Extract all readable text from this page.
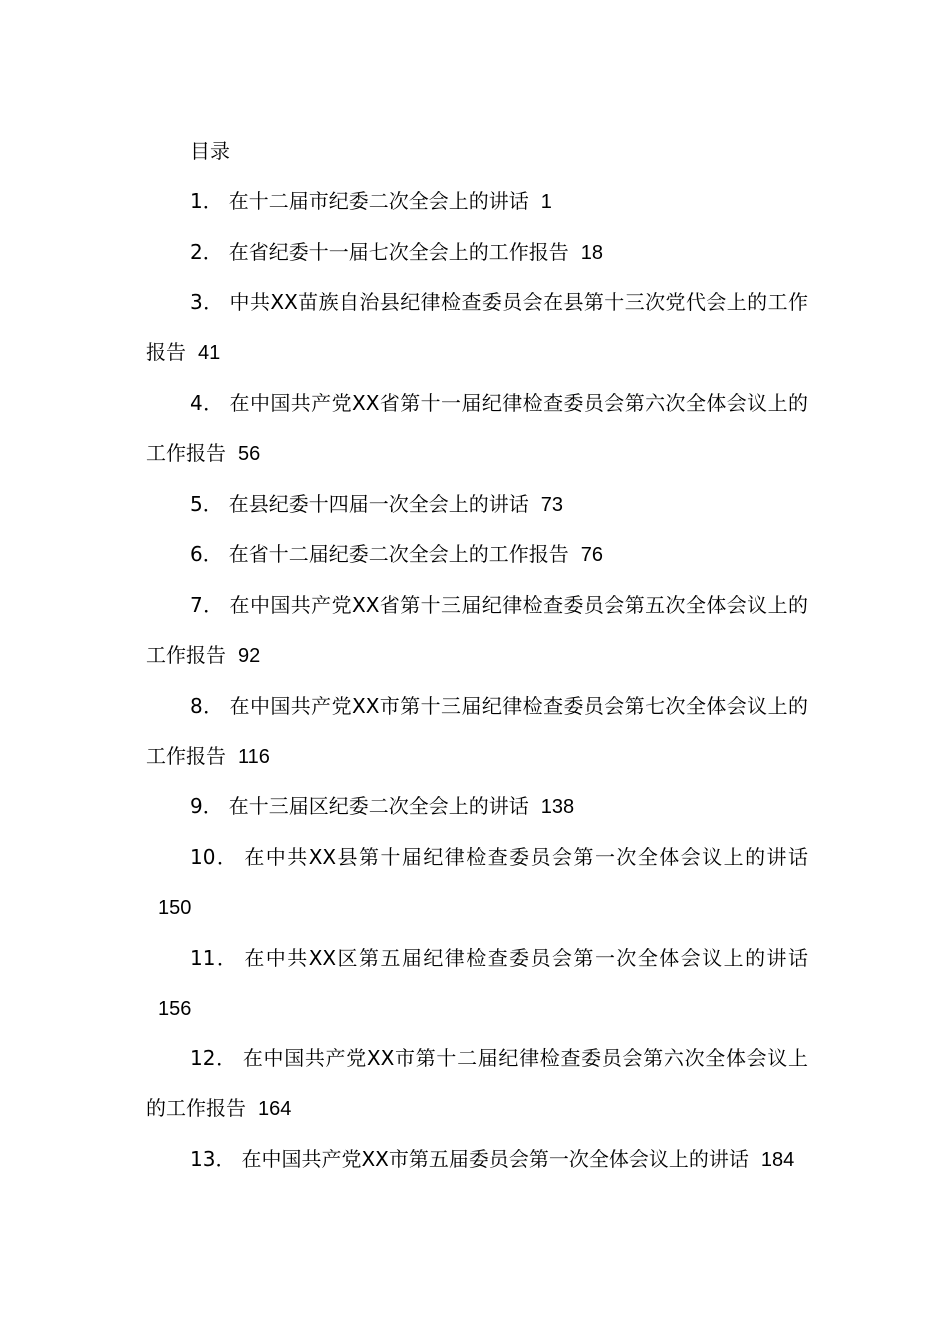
目录

1． 在十二届市纪委二次全会上的讲话 1

2． 在省纪委十一届七次全会上的工作报告 18

3． 中共XX苗族自治县纪律检查委员会在县第十三次党代会上的工作报告 41

4． 在中国共产党XX省第十一届纪律检查委员会第六次全体会议上的工作报告 56

5． 在县纪委十四届一次全会上的讲话 73

6． 在省十二届纪委二次全会上的工作报告 76

7． 在中国共产党XX省第十三届纪律检查委员会第五次全体会议上的工作报告 92

8． 在中国共产党XX市第十三届纪律检查委员会第七次全体会议上的工作报告 116

9． 在十三届区纪委二次全会上的讲话 138

10． 在中共XX县第十届纪律检查委员会第一次全体会议上的讲话150

11． 在中共XX区第五届纪律检查委员会第一次全体会议上的讲话156

12． 在中国共产党XX市第十二届纪律检查委员会第六次全体会议上的工作报告 164

13． 在中国共产党XX市第五届委员会第一次全体会议上的讲话 184
